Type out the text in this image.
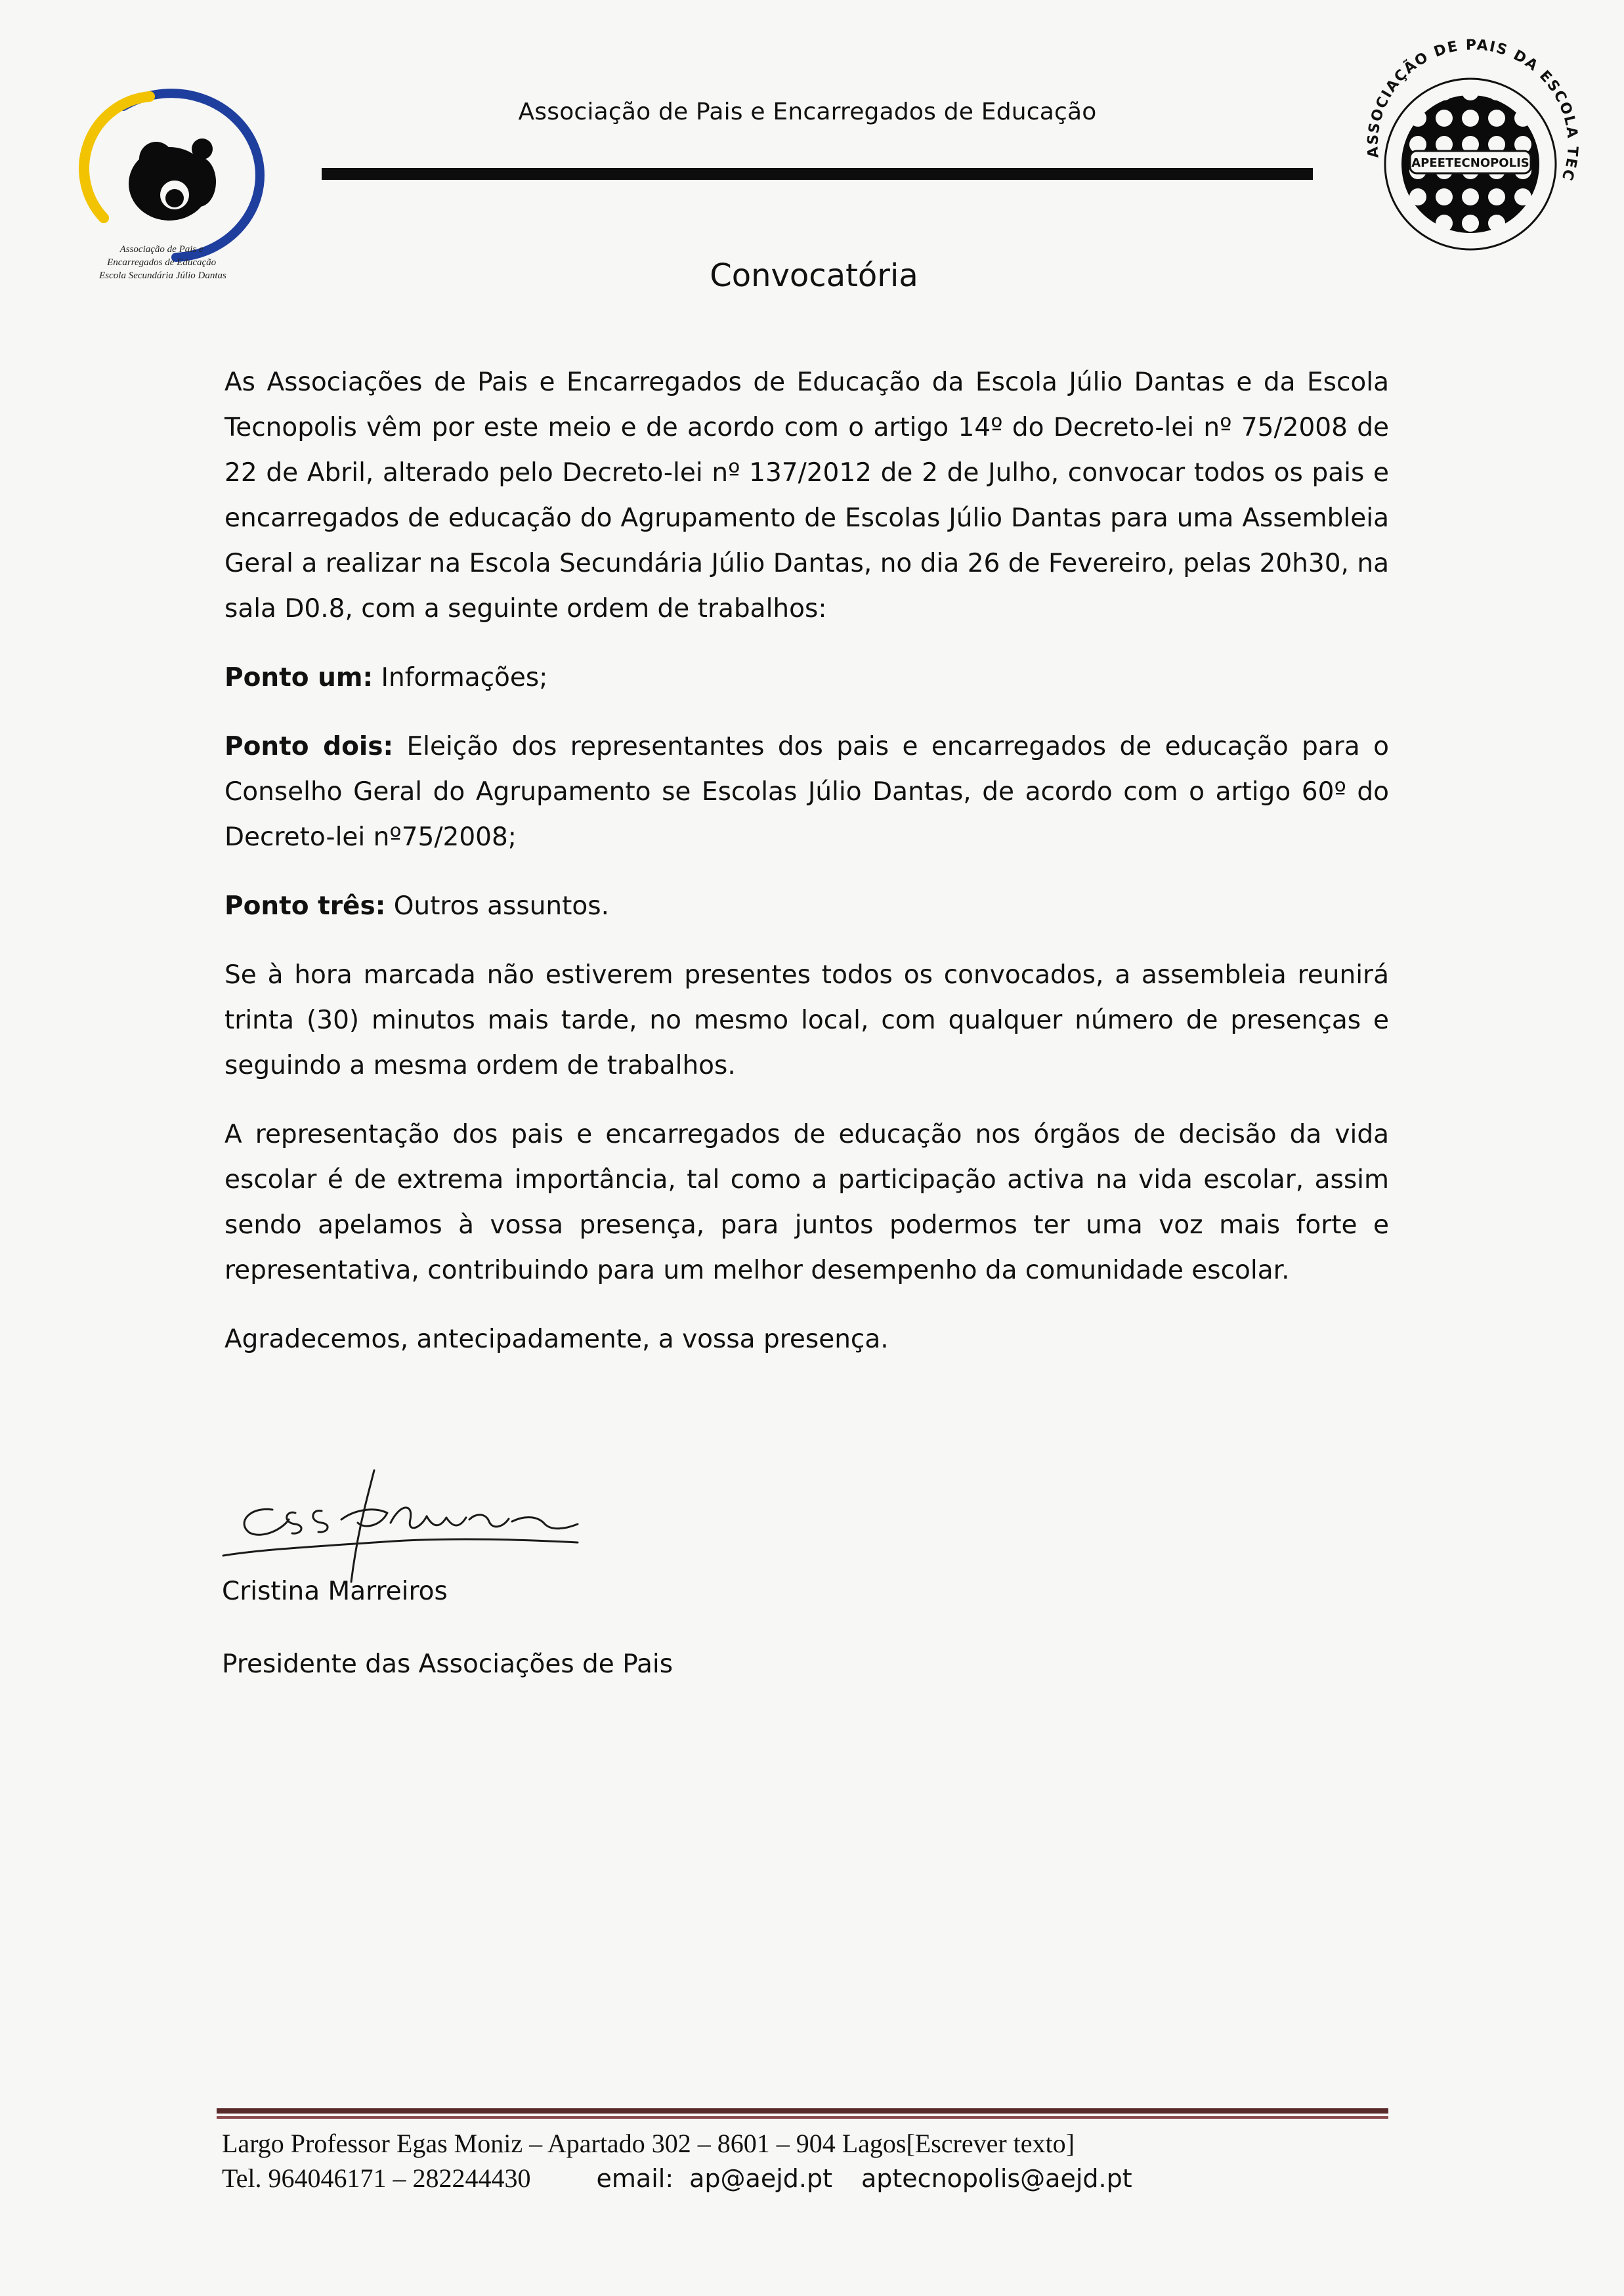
Associação de Pais e Encarregados de Educação Escola Secundária Júlio Dantas
Associação de Pais e Encarregados de Educação
ASSOCIAÇÃO DE PAIS DA ESCOLA TEC
APEETECNOPOLIS
Convocatória

As Associações de Pais e Encarregados de Educação da Escola Júlio Dantas e da Escola Tecnopolis vêm por este meio e de acordo com o artigo 14º do Decreto-lei nº 75/2008 de 22 de Abril, alterado pelo Decreto-lei nº 137/2012 de 2 de Julho, convocar todos os pais e encarregados de educação do Agrupamento de Escolas Júlio Dantas para uma Assembleia Geral a realizar na Escola Secundária Júlio Dantas, no dia 26 de Fevereiro, pelas 20h30, na sala D0.8, com a seguinte ordem de trabalhos:

Ponto um: Informações;

Ponto dois: Eleição dos representantes dos pais e encarregados de educação para o Conselho Geral do Agrupamento se Escolas Júlio Dantas, de acordo com o artigo 60º do Decreto-lei nº75/2008;

Ponto três: Outros assuntos.

Se à hora marcada não estiverem presentes todos os convocados, a assembleia reunirá trinta (30) minutos mais tarde, no mesmo local, com qualquer número de presenças e seguindo a mesma ordem de trabalhos.

A representação dos pais e encarregados de educação nos órgãos de decisão da vida escolar é de extrema importância, tal como a participação activa na vida escolar, assim sendo apelamos à vossa presença, para juntos podermos ter uma voz mais forte e representativa, contribuindo para um melhor desempenho da comunidade escolar.

Agradecemos, antecipadamente, a vossa presença.

Cristina Marreiros
Presidente das Associações de Pais
Largo Professor Egas Moniz – Apartado 302 – 8601 – 904 Lagos[Escrever texto]
Tel. 964046171 – 282244430	email: ap@aejd.pt aptecnopolis@aejd.pt
